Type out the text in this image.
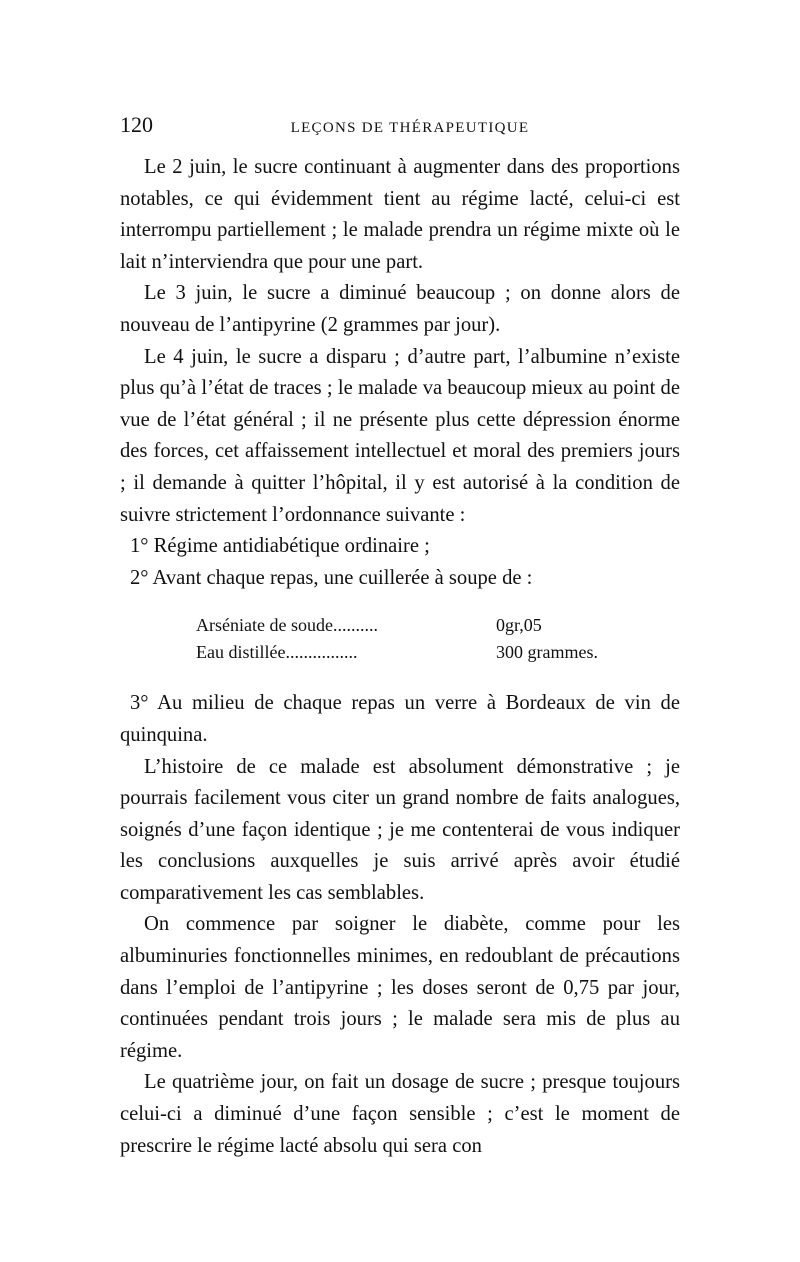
120	LEÇONS DE THÉRAPEUTIQUE

Le 2 juin, le sucre continuant à augmenter dans des proportions notables, ce qui évidemment tient au régime lacté, celui-ci est interrompu partiellement ; le malade prendra un régime mixte où le lait n’interviendra que pour une part.

Le 3 juin, le sucre a diminué beaucoup ; on donne alors de nouveau de l’antipyrine (2 grammes par jour).

Le 4 juin, le sucre a disparu ; d’autre part, l’albumine n’existe plus qu’à l’état de traces ; le malade va beaucoup mieux au point de vue de l’état général ; il ne présente plus cette dépression énorme des forces, cet affaissement intellectuel et moral des premiers jours ; il demande à quitter l’hôpital, il y est autorisé à la condition de suivre strictement l’ordonnance suivante :

1° Régime antidiabétique ordinaire ;

2° Avant chaque repas, une cuillerée à soupe de :

Arséniate de soude..........	0gr,05
Eau distillée................	300 grammes.

3° Au milieu de chaque repas un verre à Bordeaux de vin de quinquina.

L’histoire de ce malade est absolument démonstrative ; je pourrais facilement vous citer un grand nombre de faits analogues, soignés d’une façon identique ; je me contenterai de vous indiquer les conclusions auxquelles je suis arrivé après avoir étudié comparativement les cas semblables.

On commence par soigner le diabète, comme pour les albuminuries fonctionnelles minimes, en redoublant de précautions dans l’emploi de l’antipyrine ; les doses seront de 0,75 par jour, continuées pendant trois jours ; le malade sera mis de plus au régime.

Le quatrième jour, on fait un dosage de sucre ; presque toujours celui-ci a diminué d’une façon sensible ; c’est le moment de prescrire le régime lacté absolu qui sera con
